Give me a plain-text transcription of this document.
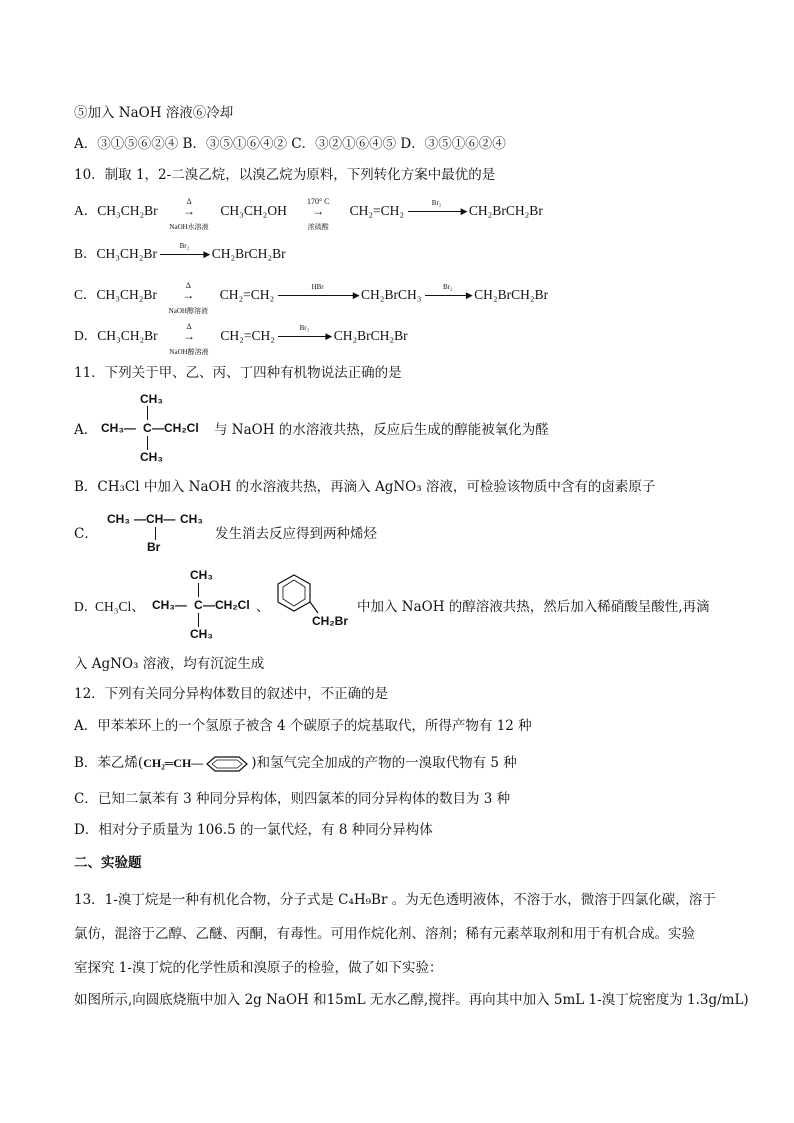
⑤加入 NaOH 溶液⑥冷却
A．③①⑤⑥②④ B．③⑤①⑥④② C．③②①⑥④⑤ D．③⑤①⑥②④
10．制取 1，2-二溴乙烷，以溴乙烷为原料，下列转化方案中最优的是
A．CH₃CH₂Br
Δ
→
NaOH水溶液
CH₃CH₂OH
170° C
→
浓硫酸
CH₂=CH₂	Br₂
▶ CH₂BrCH₂Br
B．CH₃CH₂Br	Br₂
▶ CH₂BrCH₂Br
C．CH₃CH₂Br
Δ
→
NaOH醇溶液
CH₂=CH₂	HBr
▶ CH₂BrCH₃	Br₂
▶ CH₂BrCH₂Br
D．CH₃CH₂Br
Δ
→
NaOH醇溶液
CH₂=CH₂	Br₂
▶ CH₂BrCH₂Br
11．下列关于甲、乙、丙、丁四种有机物说法正确的是
A．
CH₃
CH₃— C —CH₂Cl
CH₃
与 NaOH 的水溶液共热，反应后生成的醇能被氧化为醛
B．CH₃Cl 中加入 NaOH 的水溶液共热，再滴入 AgNO₃ 溶液，可检验该物质中含有的卤素原子
C．
CH₃ —CH— CH₃
Br
发生消去反应得到两种烯烃
D．
CH₃Cl、
CH₃
CH₃— C —CH₂Cl
CH₃
、
CH₂Br
中加入 NaOH 的醇溶液共热，然后加入稀硝酸呈酸性,再滴
入 AgNO₃ 溶液，均有沉淀生成
12．下列有关同分异构体数目的叙述中，不正确的是
A．甲苯苯环上的一个氢原子被含 4 个碳原子的烷基取代，所得产物有 12 种
B．苯乙烯(CH₂═CH—	)和氢气完全加成的产物的一溴取代物有 5 种
C．已知二氯苯有 3 种同分异构体，则四氯苯的同分异构体的数目为 3 种
D．相对分子质量为 106.5 的一氯代烃，有 8 种同分异构体
二、实验题
13．1-溴丁烷是一种有机化合物，分子式是 C₄H₉Br 。为无色透明液体，不溶于水，微溶于四氯化碳，溶于
氯仿，混溶于乙醇、乙醚、丙酮，有毒性。可用作烷化剂、溶剂；稀有元素萃取剂和用于有机合成。实验
室探究 1-溴丁烷的化学性质和溴原子的检验，做了如下实验：
如图所示,向圆底烧瓶中加入 2g NaOH 和15mL 无水乙醇,搅拌。再向其中加入 5mL 1-溴丁烷密度为 1.3g/mL)
